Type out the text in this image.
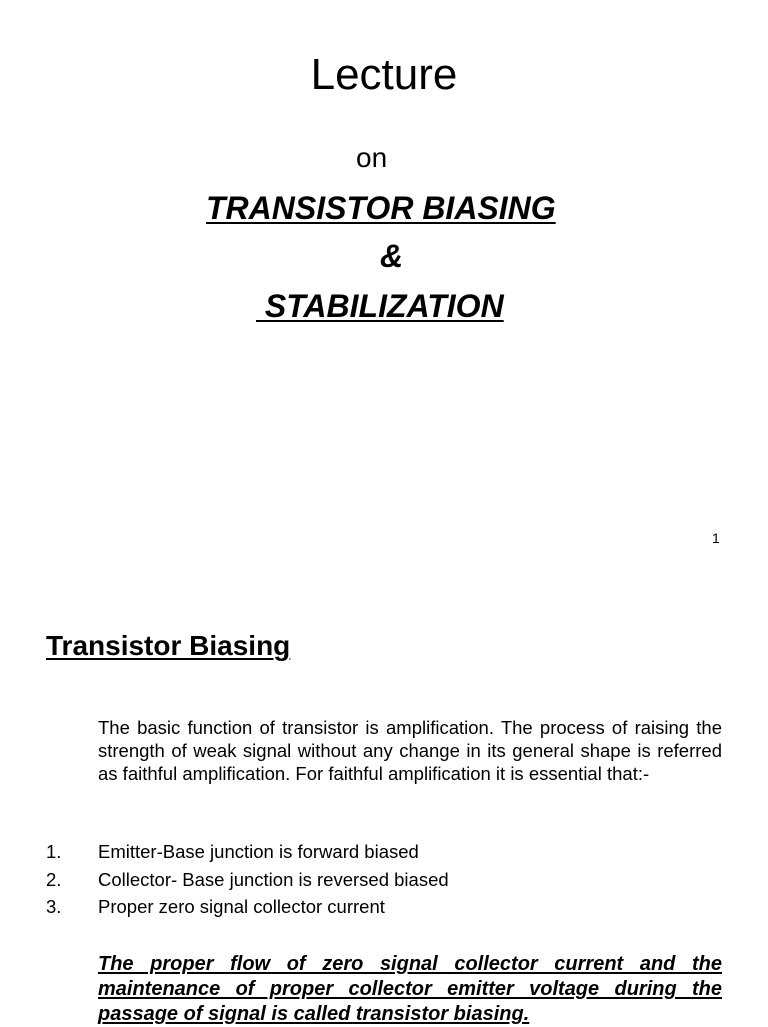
Lecture
on
TRANSISTOR BIASING
&
STABILIZATION
1
Transistor Biasing
The basic function of transistor is amplification. The process of raising the strength of weak signal without any change in its general shape is referred as faithful amplification. For faithful amplification it is essential that:-
1. Emitter-Base junction is forward biased
2. Collector- Base junction is reversed biased
3. Proper zero signal collector current
The proper flow of zero signal collector current and the maintenance of proper collector emitter voltage during the passage of signal is called transistor biasing.
